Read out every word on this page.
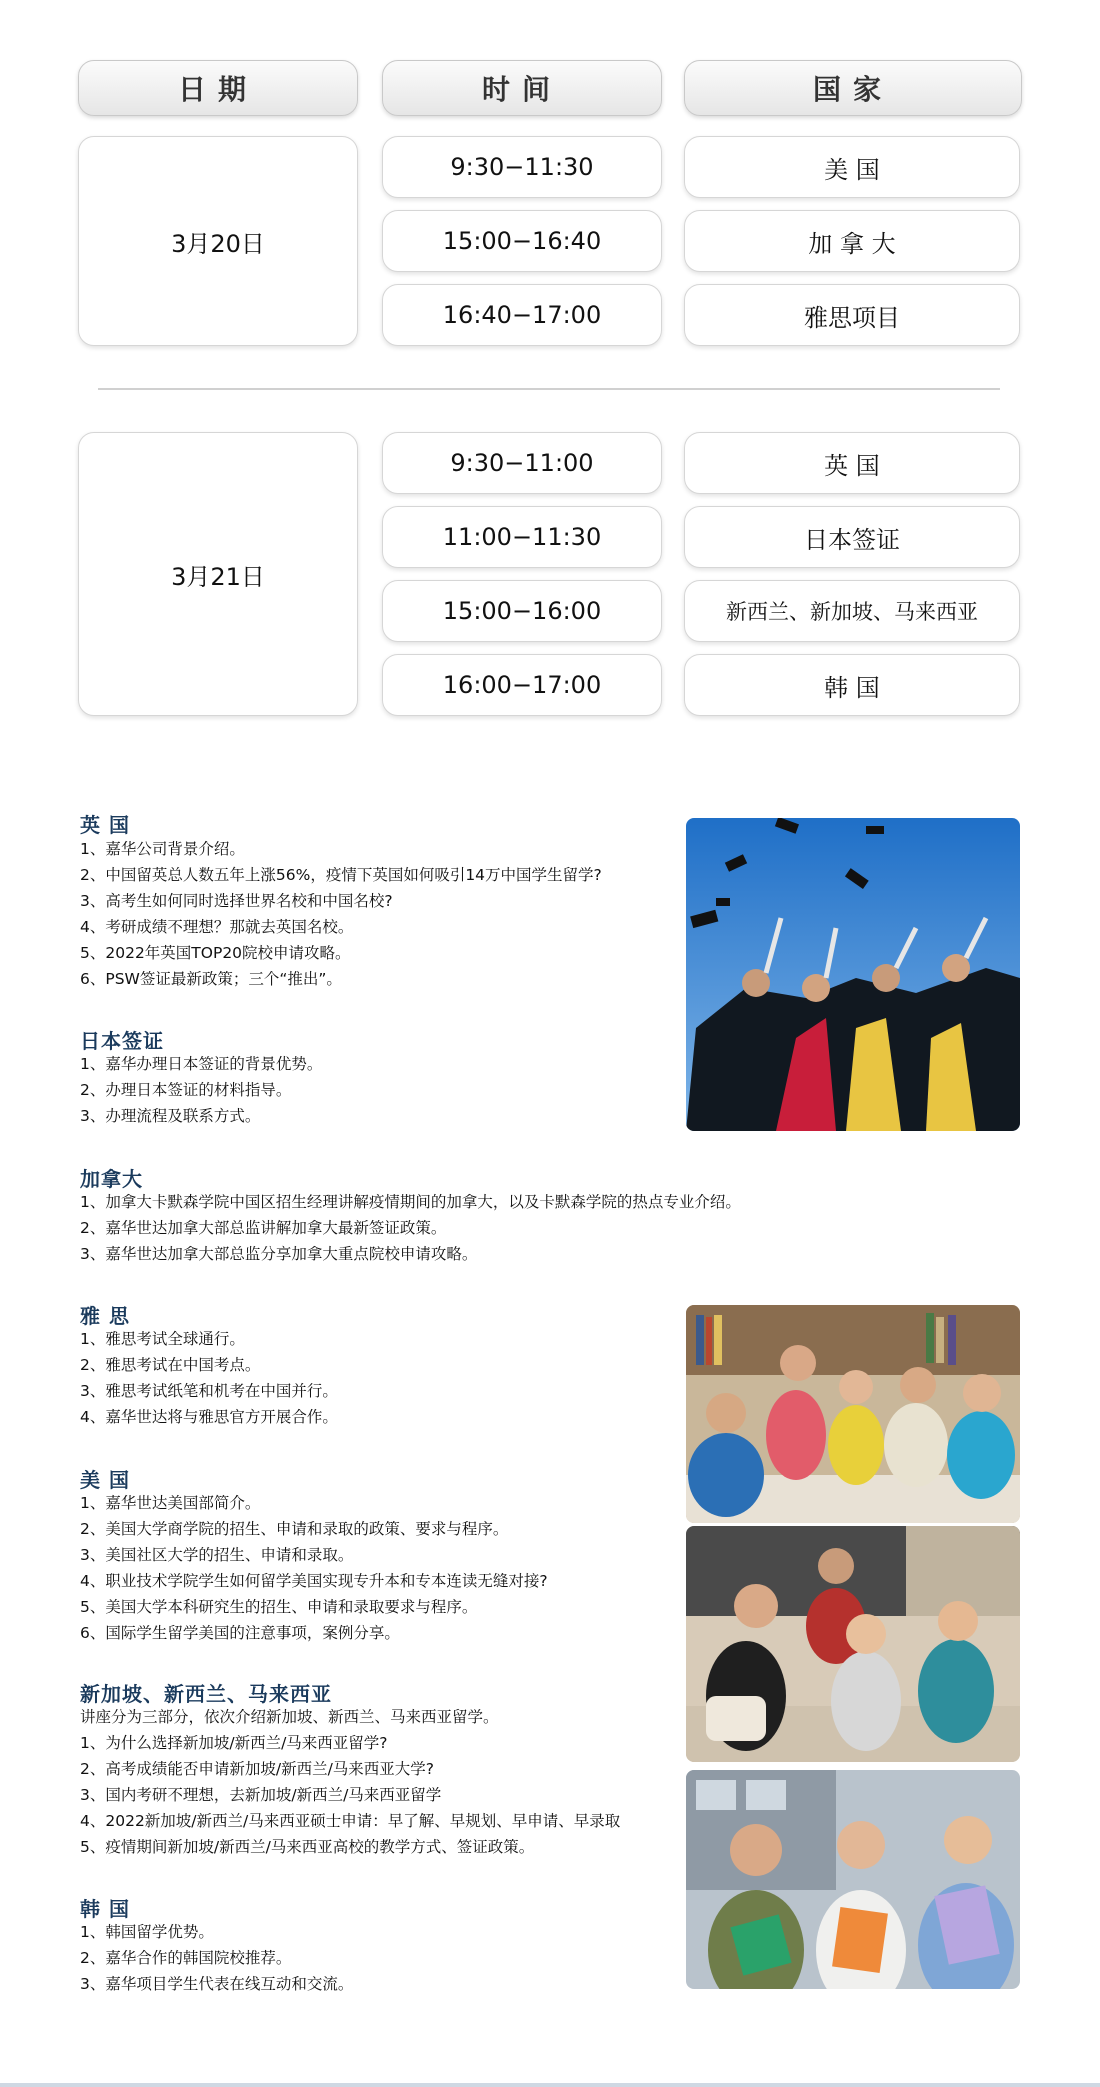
日期	时间	国家
3月20日
9:30−11:30
15:00−16:40
16:40−17:00
美 国
加 拿 大
雅思项目
3月21日
9:30−11:00
11:00−11:30
15:00−16:00
16:00−17:00
英 国
日本签证
新西兰、新加坡、马来西亚
韩 国
英 国
1、嘉华公司背景介绍。
2、中国留英总人数五年上涨56%，疫情下英国如何吸引14万中国学生留学?
3、高考生如何同时选择世界名校和中国名校?
4、考研成绩不理想？那就去英国名校。
5、2022年英国TOP20院校申请攻略。
6、PSW签证最新政策；三个“推出”。
日本签证
1、嘉华办理日本签证的背景优势。
2、办理日本签证的材料指导。
3、办理流程及联系方式。
加拿大
1、加拿大卡默森学院中国区招生经理讲解疫情期间的加拿大，以及卡默森学院的热点专业介绍。
2、嘉华世达加拿大部总监讲解加拿大最新签证政策。
3、嘉华世达加拿大部总监分享加拿大重点院校申请攻略。
雅 思
1、雅思考试全球通行。
2、雅思考试在中国考点。
3、雅思考试纸笔和机考在中国并行。
4、嘉华世达将与雅思官方开展合作。
美 国
1、嘉华世达美国部简介。
2、美国大学商学院的招生、申请和录取的政策、要求与程序。
3、美国社区大学的招生、申请和录取。
4、职业技术学院学生如何留学美国实现专升本和专本连读无缝对接?
5、美国大学本科研究生的招生、申请和录取要求与程序。
6、国际学生留学美国的注意事项，案例分享。
新加坡、新西兰、马来西亚
讲座分为三部分，依次介绍新加坡、新西兰、马来西亚留学。
1、为什么选择新加坡/新西兰/马来西亚留学?
2、高考成绩能否申请新加坡/新西兰/马来西亚大学?
3、国内考研不理想，去新加坡/新西兰/马来西亚留学
4、2022新加坡/新西兰/马来西亚硕士申请：早了解、早规划、早申请、早录取
5、疫情期间新加坡/新西兰/马来西亚高校的教学方式、签证政策。
韩 国
1、韩国留学优势。
2、嘉华合作的韩国院校推荐。
3、嘉华项目学生代表在线互动和交流。
